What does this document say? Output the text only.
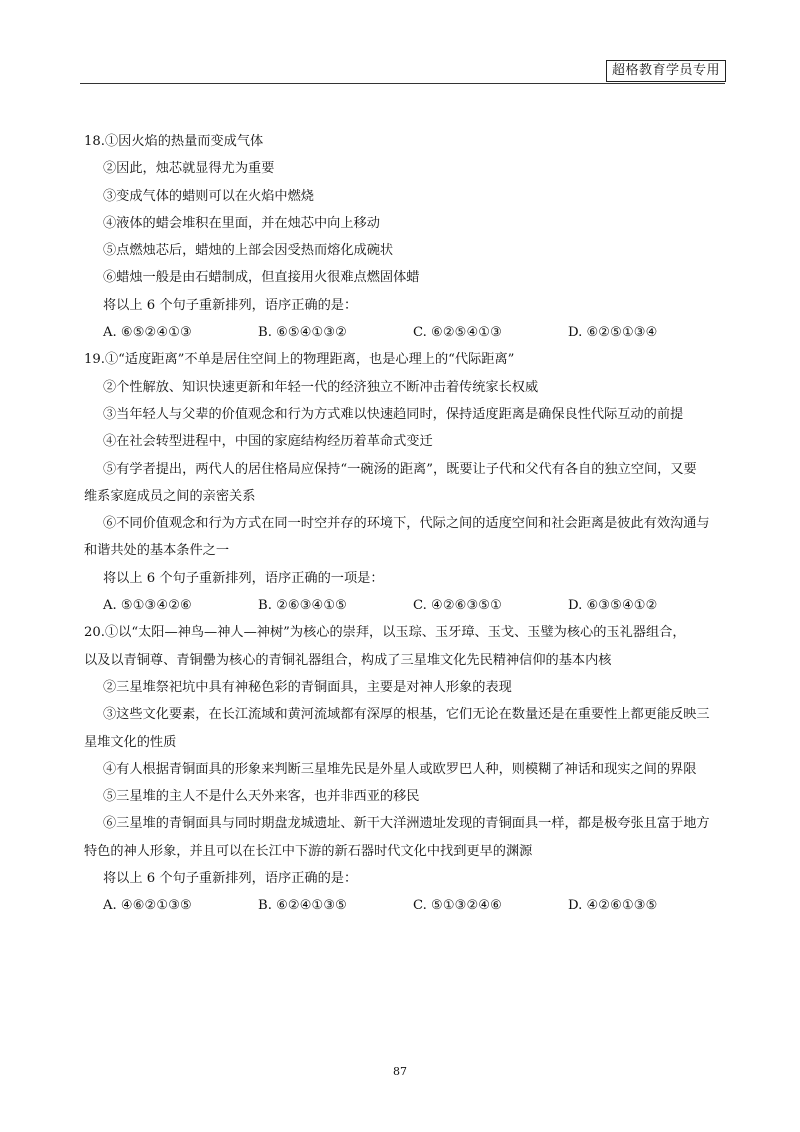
超格教育学员专用
18.①因火焰的热量而变成气体
②因此，烛芯就显得尤为重要
③变成气体的蜡则可以在火焰中燃烧
④液体的蜡会堆积在里面，并在烛芯中向上移动
⑤点燃烛芯后，蜡烛的上部会因受热而熔化成碗状
⑥蜡烛一般是由石蜡制成，但直接用火很难点燃固体蜡
将以上 6 个句子重新排列，语序正确的是：
A. ⑥⑤②④①③	B. ⑥⑤④①③②	C. ⑥②⑤④①③	D. ⑥②⑤①③④
19.①“适度距离”不单是居住空间上的物理距离，也是心理上的“代际距离”
②个性解放、知识快速更新和年轻一代的经济独立不断冲击着传统家长权威
③当年轻人与父辈的价值观念和行为方式难以快速趋同时，保持适度距离是确保良性代际互动的前提
④在社会转型进程中，中国的家庭结构经历着革命式变迁
⑤有学者提出，两代人的居住格局应保持“一碗汤的距离”，既要让子代和父代有各自的独立空间，又要
维系家庭成员之间的亲密关系
⑥不同价值观念和行为方式在同一时空并存的环境下，代际之间的适度空间和社会距离是彼此有效沟通与
和谐共处的基本条件之一
将以上 6 个句子重新排列，语序正确的一项是：
A. ⑤①③④②⑥	B. ②⑥③④①⑤	C. ④②⑥③⑤①	D. ⑥③⑤④①②
20.①以“太阳—神鸟—神人—神树”为核心的崇拜，以玉琮、玉牙璋、玉戈、玉璧为核心的玉礼器组合，
以及以青铜尊、青铜罍为核心的青铜礼器组合，构成了三星堆文化先民精神信仰的基本内核
②三星堆祭祀坑中具有神秘色彩的青铜面具，主要是对神人形象的表现
③这些文化要素，在长江流域和黄河流域都有深厚的根基，它们无论在数量还是在重要性上都更能反映三
星堆文化的性质
④有人根据青铜面具的形象来判断三星堆先民是外星人或欧罗巴人种，则模糊了神话和现实之间的界限
⑤三星堆的主人不是什么天外来客，也并非西亚的移民
⑥三星堆的青铜面具与同时期盘龙城遗址、新干大洋洲遗址发现的青铜面具一样，都是极夸张且富于地方
特色的神人形象，并且可以在长江中下游的新石器时代文化中找到更早的渊源
将以上 6 个句子重新排列，语序正确的是：
A. ④⑥②①③⑤	B. ⑥②④①③⑤	C. ⑤①③②④⑥	D. ④②⑥①③⑤
87
